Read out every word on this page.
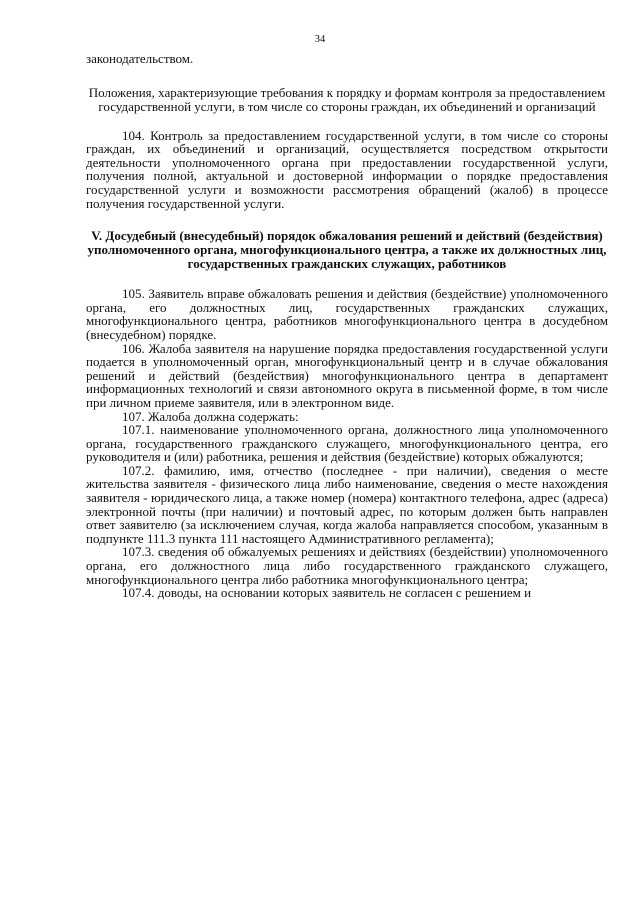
34

законодательством.

Положения, характеризующие требования к порядку и формам контроля за предоставлением государственной услуги, в том числе со стороны граждан, их объединений и организаций

104. Контроль за предоставлением государственной услуги, в том числе со стороны граждан, их объединений и организаций, осуществляется посредством открытости деятельности уполномоченного органа при предоставлении государственной услуги, получения полной, актуальной и достоверной информации о порядке предоставления государственной услуги и возможности рассмотрения обращений (жалоб) в процессе получения государственной услуги.

V. Досудебный (внесудебный) порядок обжалования решений и действий (бездействия) уполномоченного органа, многофункционального центра, а также их должностных лиц, государственных гражданских служащих, работников

105. Заявитель вправе обжаловать решения и действия (бездействие) уполномоченного органа, его должностных лиц, государственных гражданских служащих, многофункционального центра, работников многофункционального центра в досудебном (внесудебном) порядке.

106. Жалоба заявителя на нарушение порядка предоставления государственной услуги подается в уполномоченный орган, многофункциональный центр и в случае обжалования решений и действий (бездействия) многофункционального центра в департамент информационных технологий и связи автономного округа в письменной форме, в том числе при личном приеме заявителя, или в электронном виде.

107. Жалоба должна содержать:

107.1. наименование уполномоченного органа, должностного лица уполномоченного органа, государственного гражданского служащего, многофункционального центра, его руководителя и (или) работника, решения и действия (бездействие) которых обжалуются;

107.2. фамилию, имя, отчество (последнее - при наличии), сведения о месте жительства заявителя - физического лица либо наименование, сведения о месте нахождения заявителя - юридического лица, а также номер (номера) контактного телефона, адрес (адреса) электронной почты (при наличии) и почтовый адрес, по которым должен быть направлен ответ заявителю (за исключением случая, когда жалоба направляется способом, указанным в подпункте 111.3 пункта 111 настоящего Административного регламента);

107.3. сведения об обжалуемых решениях и действиях (бездействии) уполномоченного органа, его должностного лица либо государственного гражданского служащего, многофункционального центра либо работника многофункционального центра;

107.4. доводы, на основании которых заявитель не согласен с решением и
